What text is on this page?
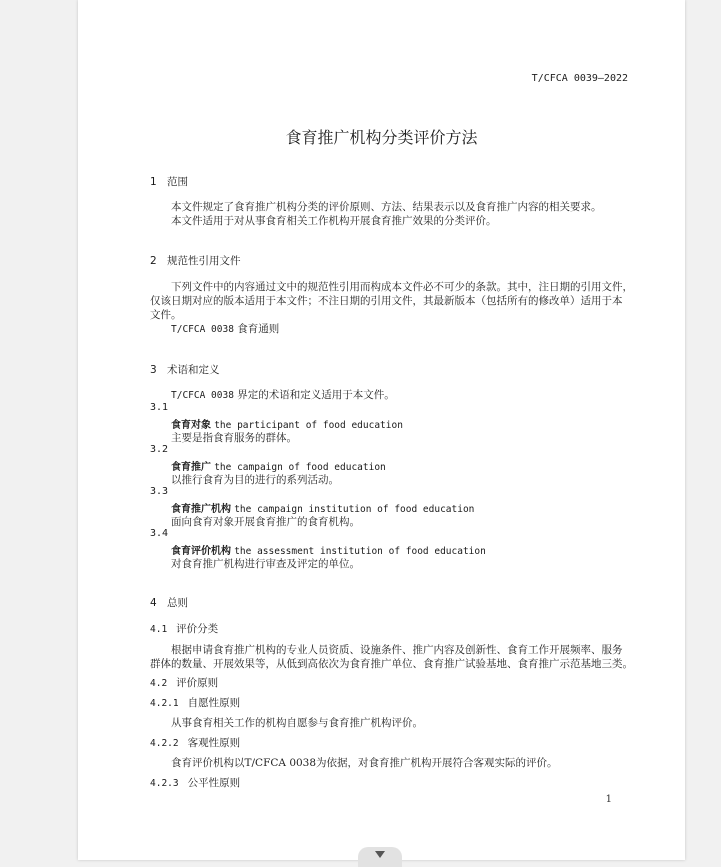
T/CFCA 0039—2022
食育推广机构分类评价方法
1 范围
本文件规定了食育推广机构分类的评价原则、方法、结果表示以及食育推广内容的相关要求。
本文件适用于对从事食育相关工作机构开展食育推广效果的分类评价。
2 规范性引用文件
下列文件中的内容通过文中的规范性引用而构成本文件必不可少的条款。其中，注日期的引用文件，
仅该日期对应的版本适用于本文件；不注日期的引用文件，其最新版本（包括所有的修改单）适用于本
文件。
T/CFCA 0038 食育通则
3 术语和定义
T/CFCA 0038 界定的术语和定义适用于本文件。
3.1
食育对象 the participant of food education
主要是指食育服务的群体。
3.2
食育推广 the campaign of food education
以推行食育为目的进行的系列活动。
3.3
食育推广机构 the campaign institution of food education
面向食育对象开展食育推广的食育机构。
3.4
食育评价机构 the assessment institution of food education
对食育推广机构进行审查及评定的单位。
4 总则
4.1 评价分类
根据申请食育推广机构的专业人员资质、设施条件、推广内容及创新性、食育工作开展频率、服务
群体的数量、开展效果等，从低到高依次为食育推广单位、食育推广试验基地、食育推广示范基地三类。
4.2 评价原则
4.2.1 自愿性原则
从事食育相关工作的机构自愿参与食育推广机构评价。
4.2.2 客观性原则
食育评价机构以T/CFCA 0038为依据，对食育推广机构开展符合客观实际的评价。
4.2.3 公平性原则
1
